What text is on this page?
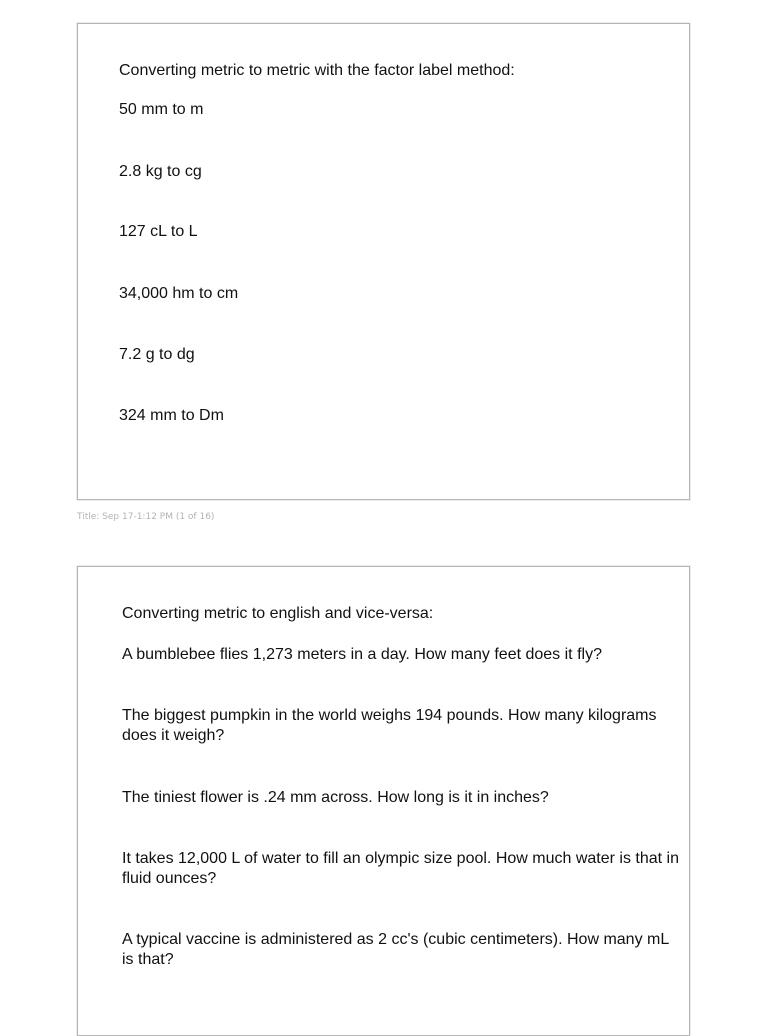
Converting metric to metric with the factor label method:
50 mm to m
2.8 kg to cg
127 cL to L
34,000 hm to cm
7.2 g to dg
324 mm to Dm
Title: Sep 17-1:12 PM (1 of 16)
Converting metric to english and vice-versa:
A bumblebee flies 1,273 meters in a day. How many feet does it fly?
The biggest pumpkin in the world weighs 194 pounds. How many kilograms does it weigh?
The tiniest flower is .24 mm across. How long is it in inches?
It takes 12,000 L of water to fill an olympic size pool. How much water is that in fluid ounces?
A typical vaccine is administered as 2 cc's (cubic centimeters). How many mL is that?
